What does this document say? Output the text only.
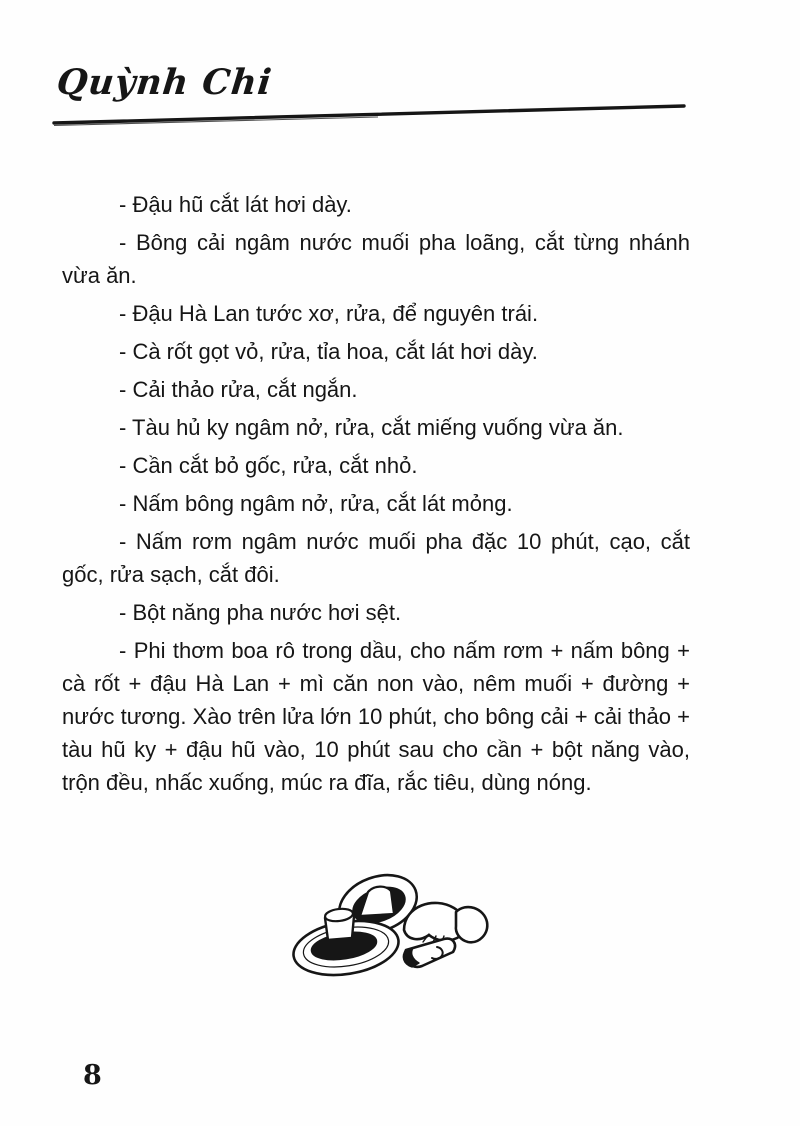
Quỳnh Chi

- Đậu hũ cắt lát hơi dày.

- Bông cải ngâm nước muối pha loãng, cắt từng nhánh vừa ăn.

- Đậu Hà Lan tước xơ, rửa, để nguyên trái.

- Cà rốt gọt vỏ, rửa, tỉa hoa, cắt lát hơi dày.

- Cải thảo rửa, cắt ngắn.

- Tàu hủ ky ngâm nở, rửa, cắt miếng vuống vừa ăn.

- Cần cắt bỏ gốc, rửa, cắt nhỏ.

- Nấm bông ngâm nở, rửa, cắt lát mỏng.

- Nấm rơm ngâm nước muối pha đặc 10 phút, cạo, cắt gốc, rửa sạch, cắt đôi.

- Bột năng pha nước hơi sệt.

- Phi thơm boa rô trong dầu, cho nấm rơm + nấm bông + cà rốt + đậu Hà Lan + mì căn non vào, nêm muối + đường + nước tương. Xào trên lửa lớn 10 phút, cho bông cải + cải thảo + tàu hũ ky + đậu hũ vào, 10 phút sau cho cần + bột năng vào, trộn đều, nhấc xuống, múc ra đĩa, rắc tiêu, dùng nóng.

8
